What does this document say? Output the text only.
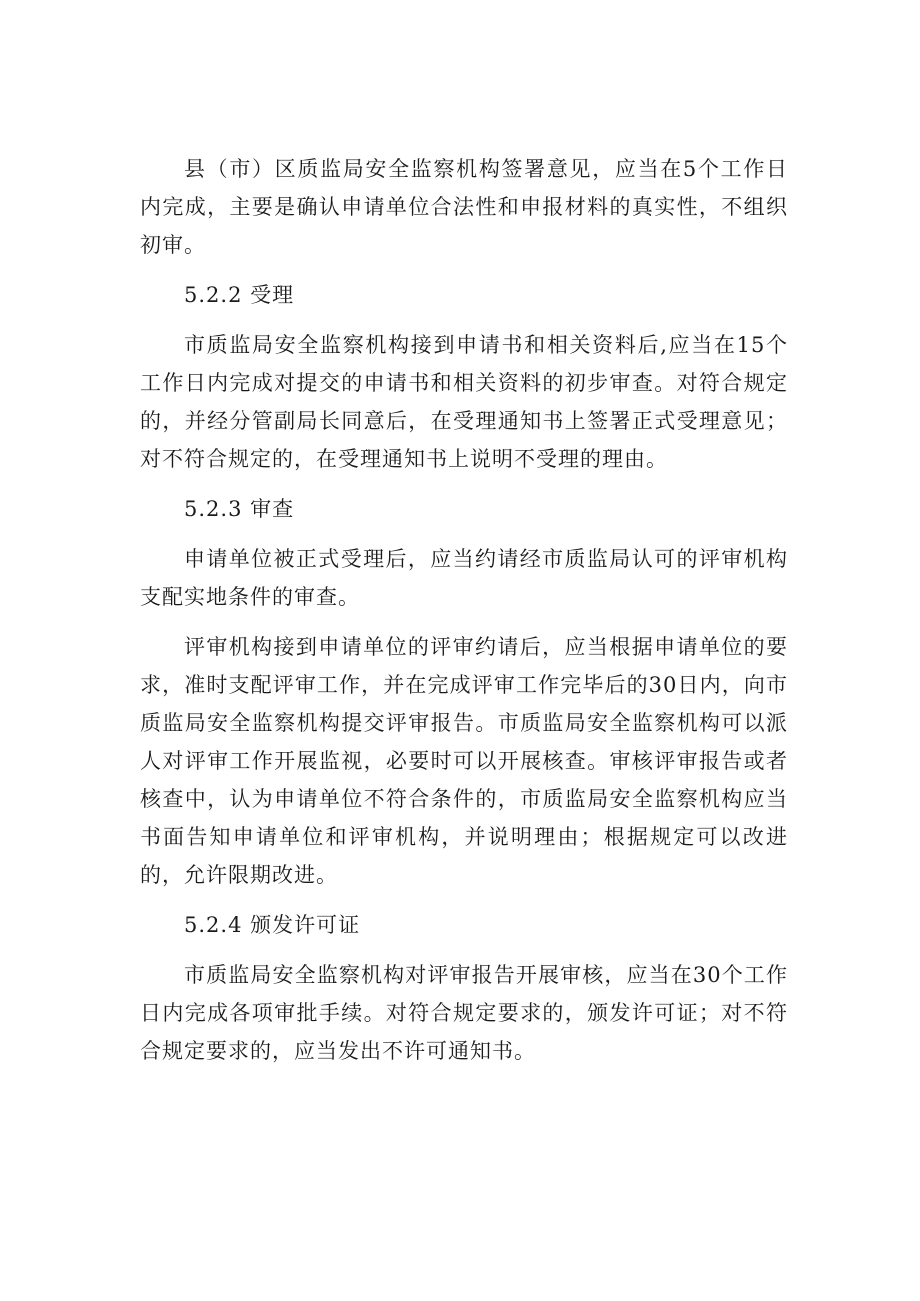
县（市）区质监局安全监察机构签署意见，应当在5个工作日内完成，主要是确认申请单位合法性和申报材料的真实性，不组织初审。

5.2.2 受理

市质监局安全监察机构接到申请书和相关资料后,应当在15个工作日内完成对提交的申请书和相关资料的初步审查。对符合规定的，并经分管副局长同意后，在受理通知书上签署正式受理意见；对不符合规定的，在受理通知书上说明不受理的理由。

5.2.3 审查

申请单位被正式受理后，应当约请经市质监局认可的评审机构支配实地条件的审查。

评审机构接到申请单位的评审约请后，应当根据申请单位的要求，准时支配评审工作，并在完成评审工作完毕后的30日内，向市质监局安全监察机构提交评审报告。市质监局安全监察机构可以派人对评审工作开展监视，必要时可以开展核查。审核评审报告或者核查中，认为申请单位不符合条件的，市质监局安全监察机构应当书面告知申请单位和评审机构，并说明理由；根据规定可以改进的，允许限期改进。

5.2.4 颁发许可证

市质监局安全监察机构对评审报告开展审核，应当在30个工作日内完成各项审批手续。对符合规定要求的，颁发许可证；对不符合规定要求的，应当发出不许可通知书。
